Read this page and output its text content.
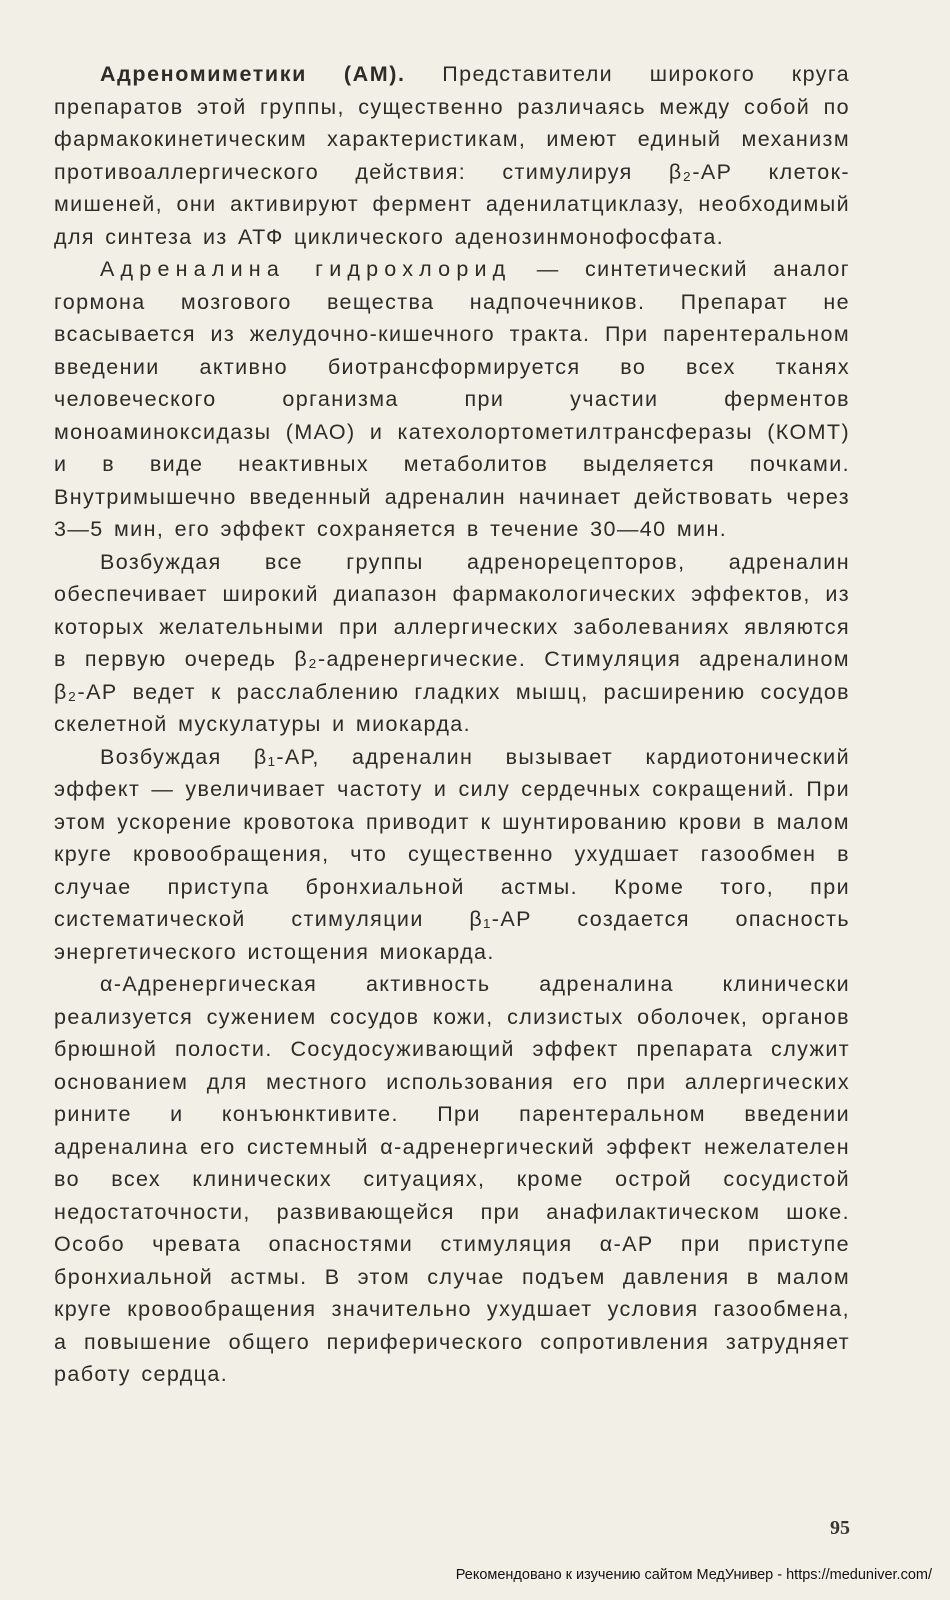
Адреномиметики (АМ). Представители широкого круга препаратов этой группы, существенно различаясь между собой по фармакокинетическим характеристикам, имеют единый механизм противоаллергического действия: стимулируя β₂-АР клеток-мишеней, они активируют фермент аденилатциклазу, необходимый для синтеза из АТФ циклического аденозинмонофосфата.

Адреналина гидрохлорид — синтетический аналог гормона мозгового вещества надпочечников. Препарат не всасывается из желудочно-кишечного тракта. При парентеральном введении активно биотрансформируется во всех тканях человеческого организма при участии ферментов моноаминоксидазы (МАО) и катехолортометилтрансферазы (КОМТ) и в виде неактивных метаболитов выделяется почками. Внутримышечно введенный адреналин начинает действовать через 3—5 мин, его эффект сохраняется в течение 30—40 мин.

Возбуждая все группы адренорецепторов, адреналин обеспечивает широкий диапазон фармакологических эффектов, из которых желательными при аллергических заболеваниях являются в первую очередь β₂-адренергические. Стимуляция адреналином β₂-АР ведет к расслаблению гладких мышц, расширению сосудов скелетной мускулатуры и миокарда.

Возбуждая β₁-АР, адреналин вызывает кардиотонический эффект — увеличивает частоту и силу сердечных сокращений. При этом ускорение кровотока приводит к шунтированию крови в малом круге кровообращения, что существенно ухудшает газообмен в случае приступа бронхиальной астмы. Кроме того, при систематической стимуляции β₁-АР создается опасность энергетического истощения миокарда.

α-Адренергическая активность адреналина клинически реализуется сужением сосудов кожи, слизистых оболочек, органов брюшной полости. Сосудосуживающий эффект препарата служит основанием для местного использования его при аллергических рините и конъюнктивите. При парентеральном введении адреналина его системный α-адренергический эффект нежелателен во всех клинических ситуациях, кроме острой сосудистой недостаточности, развивающейся при анафилактическом шоке. Особо чревата опасностями стимуляция α-АР при приступе бронхиальной астмы. В этом случае подъем давления в малом круге кровообращения значительно ухудшает условия газообмена, а повышение общего периферического сопротивления затрудняет работу сердца.

95
Рекомендовано к изучению сайтом МедУнивер - https://meduniver.com/
